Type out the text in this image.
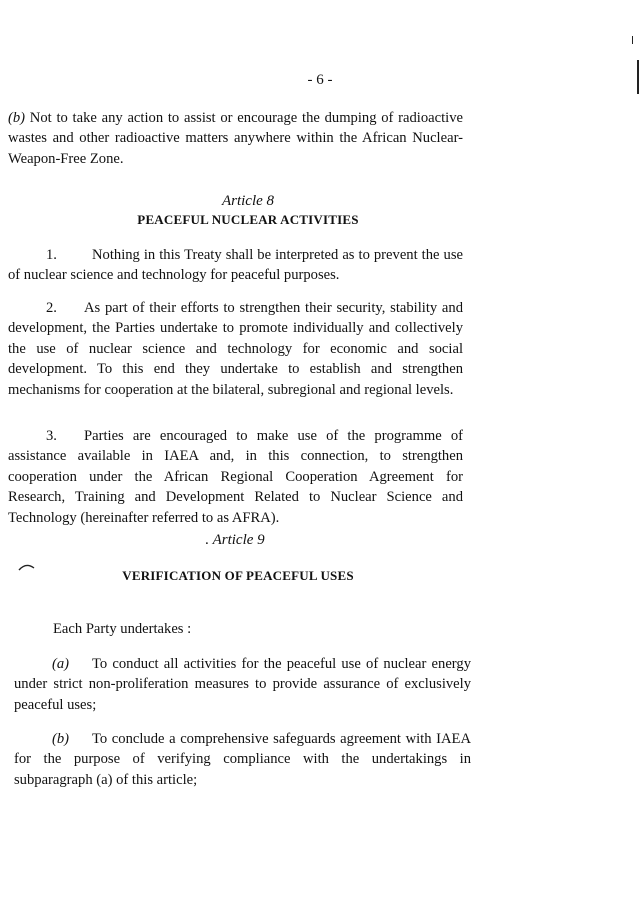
- 6 -

(b) Not to take any action to assist or encourage the dumping of radioactive wastes and other radioactive matters anywhere within the African Nuclear-Weapon-Free Zone.

Article 8

PEACEFUL NUCLEAR ACTIVITIES

1. Nothing in this Treaty shall be interpreted as to prevent the use of nuclear science and technology for peaceful purposes.

2. As part of their efforts to strengthen their security, stability and development, the Parties undertake to promote individually and collectively the use of nuclear science and technology for economic and social development. To this end they undertake to establish and strengthen mechanisms for cooperation at the bilateral, subregional and regional levels.

3. Parties are encouraged to make use of the programme of assistance available in IAEA and, in this connection, to strengthen cooperation under the African Regional Cooperation Agreement for Research, Training and Development Related to Nuclear Science and Technology (hereinafter referred to as AFRA).

. Article 9

VERIFICATION OF PEACEFUL USES

Each Party undertakes :

(a) To conduct all activities for the peaceful use of nuclear energy under strict non-proliferation measures to provide assurance of exclusively peaceful uses;

(b) To conclude a comprehensive safeguards agreement with IAEA for the purpose of verifying compliance with the undertakings in subparagraph (a) of this article;
